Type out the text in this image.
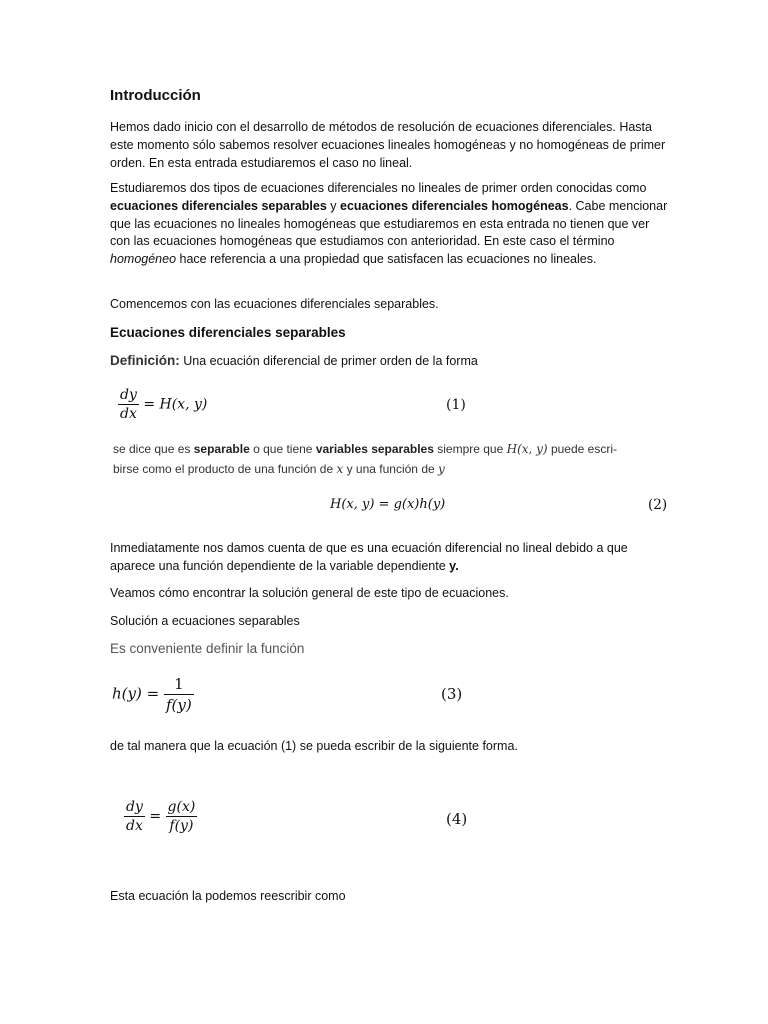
Introducción
Hemos dado inicio con el desarrollo de métodos de resolución de ecuaciones diferenciales. Hasta este momento sólo sabemos resolver ecuaciones lineales homogéneas y no homogéneas de primer orden. En esta entrada estudiaremos el caso no lineal.
Estudiaremos dos tipos de ecuaciones diferenciales no lineales de primer orden conocidas como ecuaciones diferenciales separables y ecuaciones diferenciales homogéneas. Cabe mencionar que las ecuaciones no lineales homogéneas que estudiaremos en esta entrada no tienen que ver con las ecuaciones homogéneas que estudiamos con anterioridad. En este caso el término homogéneo hace referencia a una propiedad que satisfacen las ecuaciones no lineales.
Comencemos con las ecuaciones diferenciales separables.
Ecuaciones diferenciales separables
Definición: Una ecuación diferencial de primer orden de la forma
$\frac{dy}{dx} = H(x$, y)	(1)
se dice que es separable o que tiene variables separables siempre que H(x, y) puede escri-
birse como el producto de una función de x y una función de y
H(x, y) = g(x)h(y)	(2)
Inmediatamente nos damos cuenta de que es una ecuación diferencial no lineal debido a que aparece una función dependiente de la variable dependiente y.
Veamos cómo encontrar la solución general de este tipo de ecuaciones.
Solución a ecuaciones separables
Es conveniente definir la función
$h(y) = \frac{1}{f(y)}$	(3)
de tal manera que la ecuación (1) se pueda escribir de la siguiente forma.
$\frac{dy}{dx} = \frac{g(x)}{f(y)}$	(4)
Esta ecuación la podemos reescribir como
